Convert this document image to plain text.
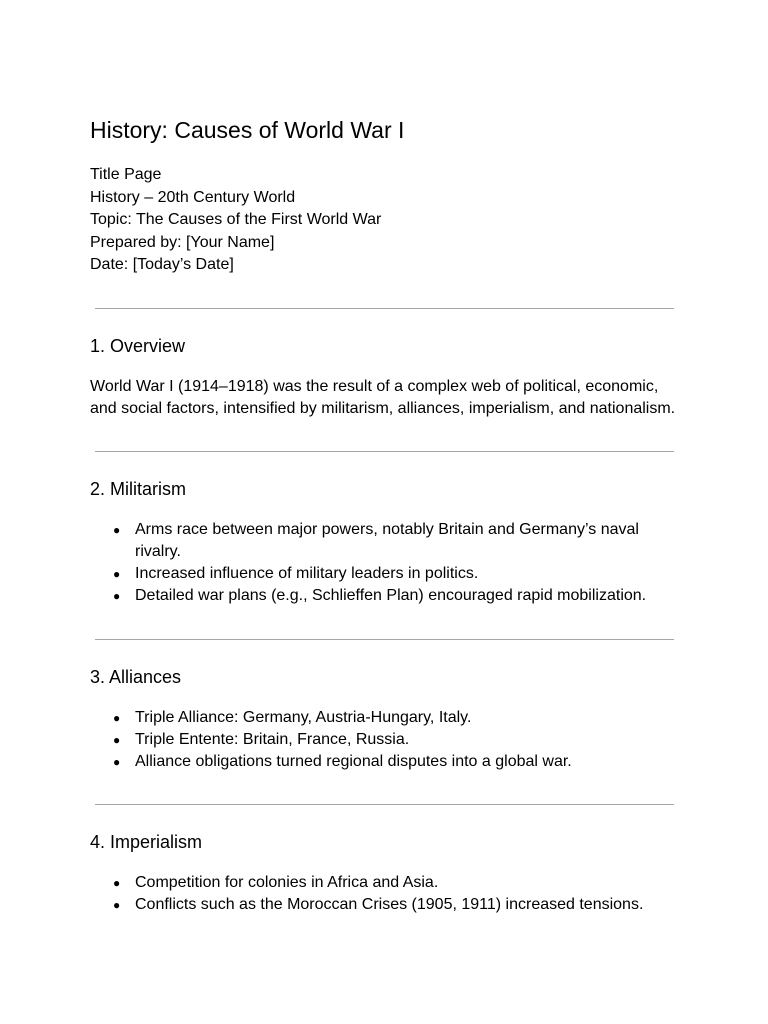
History: Causes of World War I

Title Page

History – 20th Century World

Topic: The Causes of the First World War

Prepared by: [Your Name]

Date: [Today’s Date]

1. Overview

World War I (1914–1918) was the result of a complex web of political, economic, and social factors, intensified by militarism, alliances, imperialism, and nationalism.

2. Militarism
● Arms race between major powers, notably Britain and Germany’s naval rivalry.
● Increased influence of military leaders in politics.
● Detailed war plans (e.g., Schlieffen Plan) encouraged rapid mobilization.
3. Alliances
● Triple Alliance: Germany, Austria-Hungary, Italy.
● Triple Entente: Britain, France, Russia.
● Alliance obligations turned regional disputes into a global war.
4. Imperialism
● Competition for colonies in Africa and Asia.
● Conflicts such as the Moroccan Crises (1905, 1911) increased tensions.
